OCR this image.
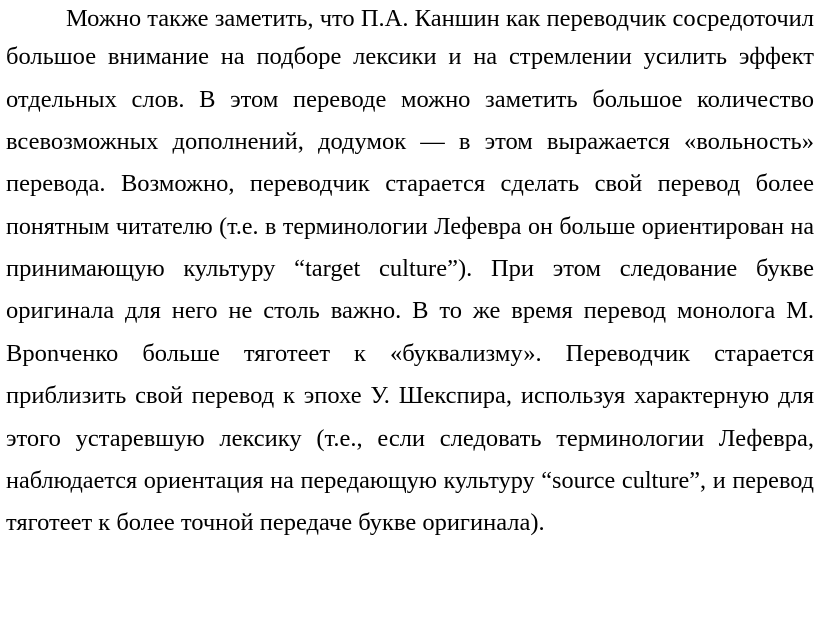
Можно также заметить, что П.А. Каншин как переводчик сосредоточил
большое внимание на подборе лексики и на стремлении усилить эффект
отдельных слов. В этом переводе можно заметить большое количество
всевозможных дополнений, додумок — в этом выражается «вольность»
перевода. Возможно, переводчик старается сделать свой перевод более
понятным читателю (т.е. в терминологии Лефевра он больше ориентирован на
принимающую культуру “target culture”). При этом следование букве
оригинала для него не столь важно. В то же время перевод монолога М.
Врonченко больше тяготеет к «буквализму». Переводчик старается
приблизить свой перевод к эпохе У. Шекспира, используя характерную для
этого устаревшую лексику (т.е., если следовать терминологии Лефевра,
наблюдается ориентация на передающую культуру “source culture”, и перевод
тяготеет к более точной передаче букве оригинала).
